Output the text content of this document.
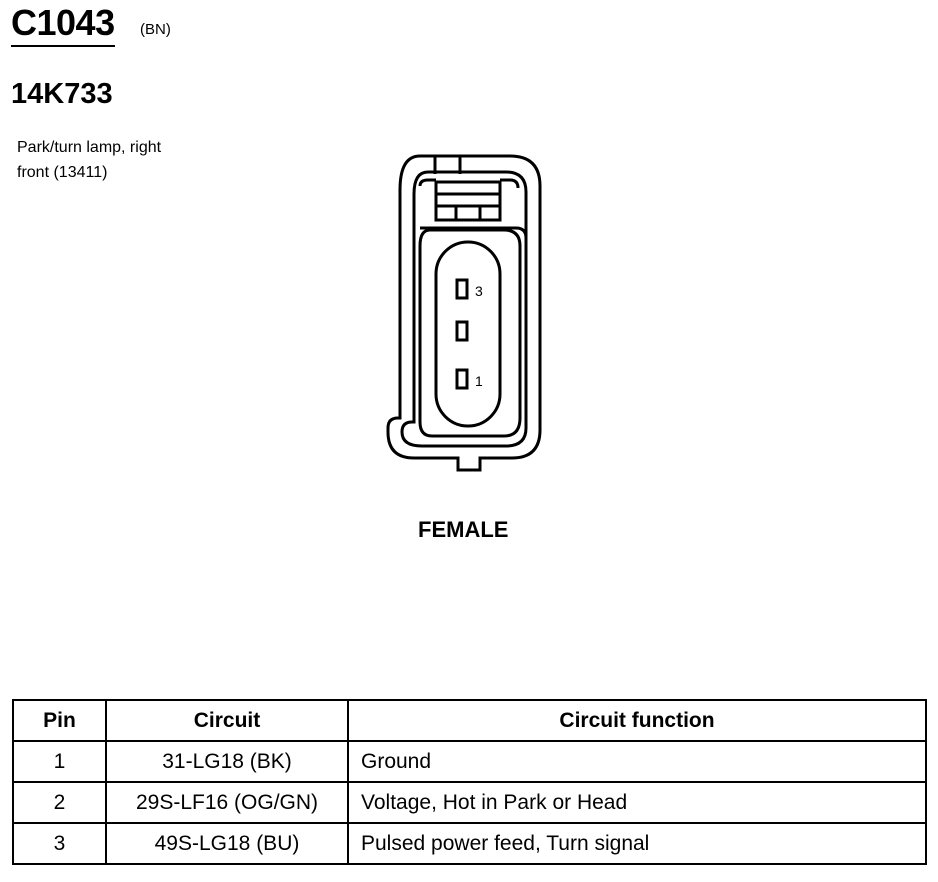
C1043 (BN)
14K733
Park/turn lamp, right
front (13411)
3
1
FEMALE
Pin	Circuit	Circuit function
1	31-LG18 (BK)	Ground
2	29S-LF16 (OG/GN)	Voltage, Hot in Park or Head
3	49S-LG18 (BU)	Pulsed power feed, Turn signal
